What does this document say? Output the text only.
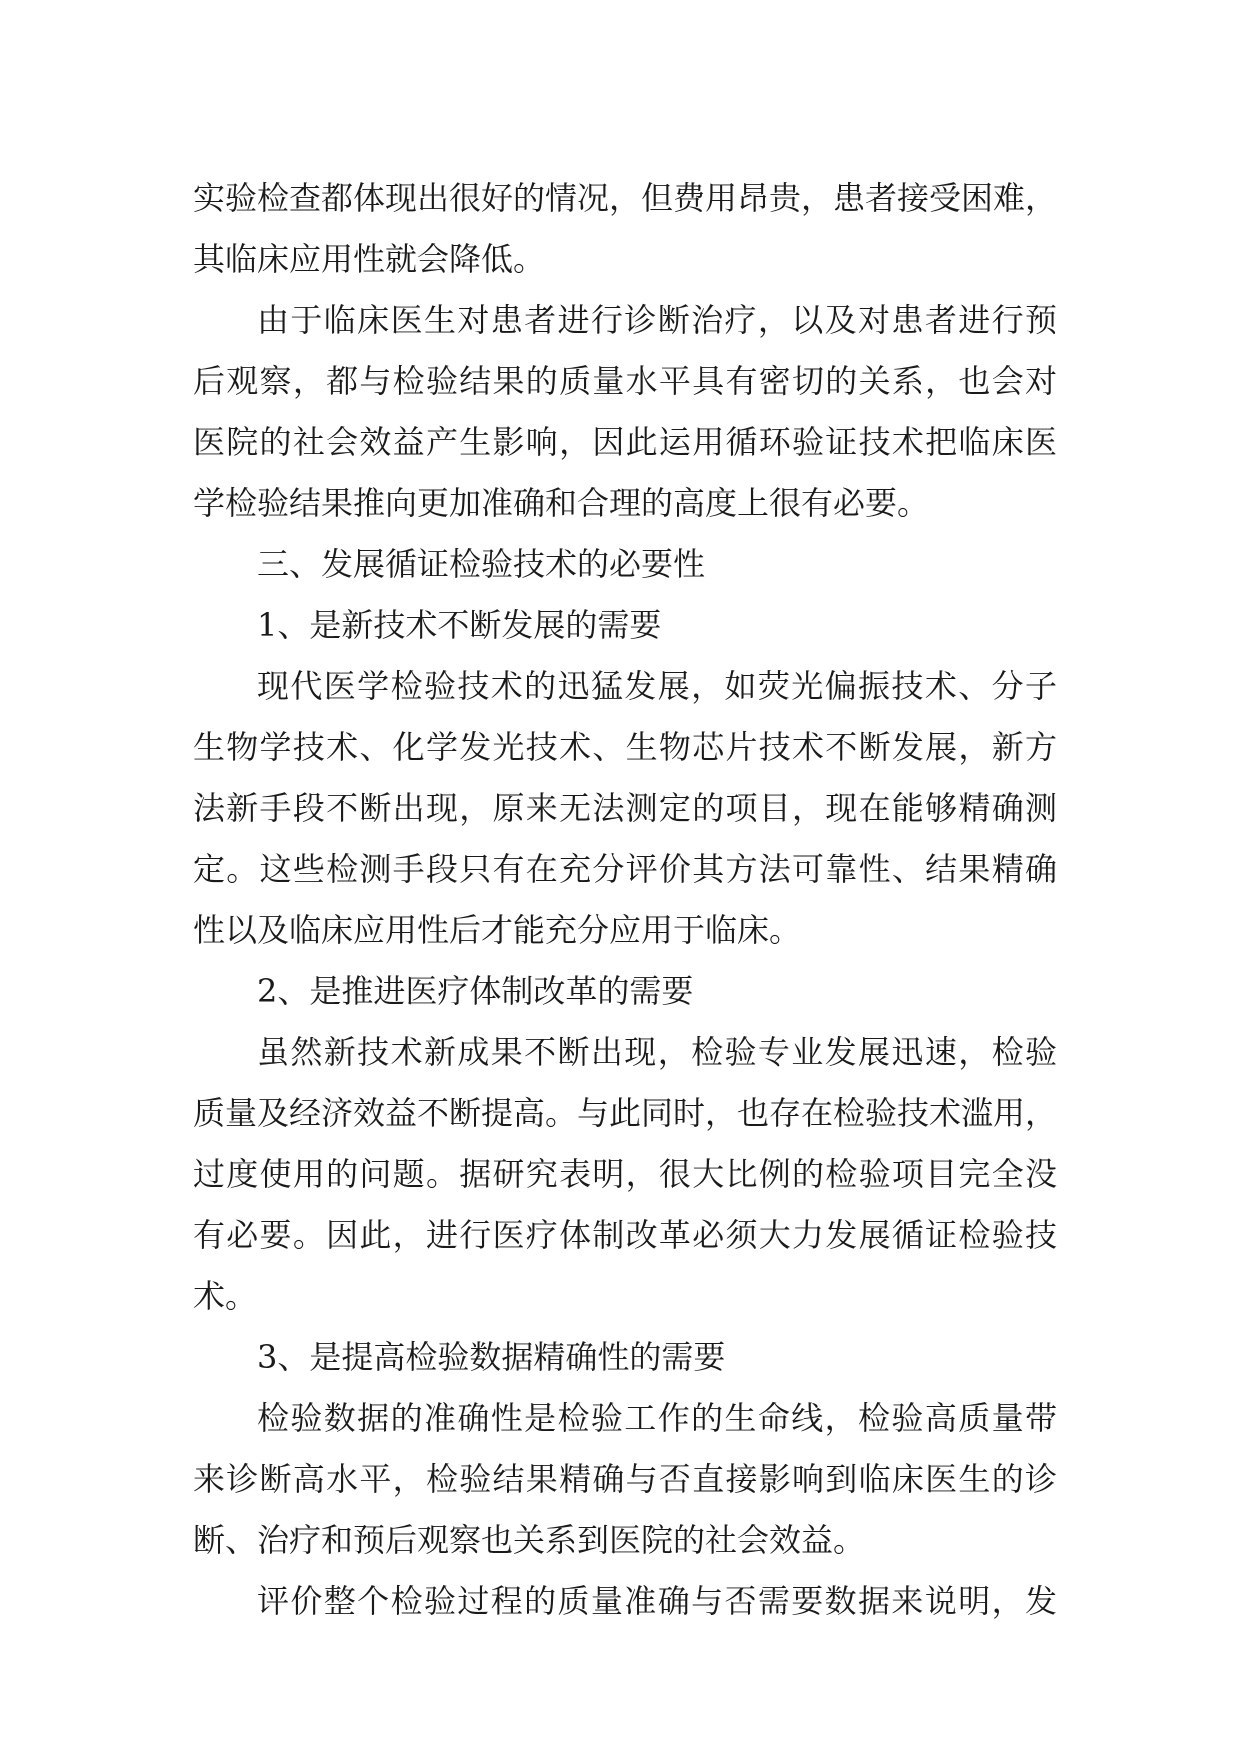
实验检查都体现出很好的情况，但费用昂贵，患者接受困难，
其临床应用性就会降低。
由于临床医生对患者进行诊断治疗，以及对患者进行预
后观察，都与检验结果的质量水平具有密切的关系，也会对
医院的社会效益产生影响，因此运用循环验证技术把临床医
学检验结果推向更加准确和合理的高度上很有必要。
三、发展循证检验技术的必要性
1、是新技术不断发展的需要
现代医学检验技术的迅猛发展，如荧光偏振技术、分子
生物学技术、化学发光技术、生物芯片技术不断发展，新方
法新手段不断出现，原来无法测定的项目，现在能够精确测
定。这些检测手段只有在充分评价其方法可靠性、结果精确
性以及临床应用性后才能充分应用于临床。
2、是推进医疗体制改革的需要
虽然新技术新成果不断出现，检验专业发展迅速，检验
质量及经济效益不断提高。与此同时，也存在检验技术滥用，
过度使用的问题。据研究表明，很大比例的检验项目完全没
有必要。因此，进行医疗体制改革必须大力发展循证检验技
术。
3、是提高检验数据精确性的需要
检验数据的准确性是检验工作的生命线，检验高质量带
来诊断高水平，检验结果精确与否直接影响到临床医生的诊
断、治疗和预后观察也关系到医院的社会效益。
评价整个检验过程的质量准确与否需要数据来说明，发
